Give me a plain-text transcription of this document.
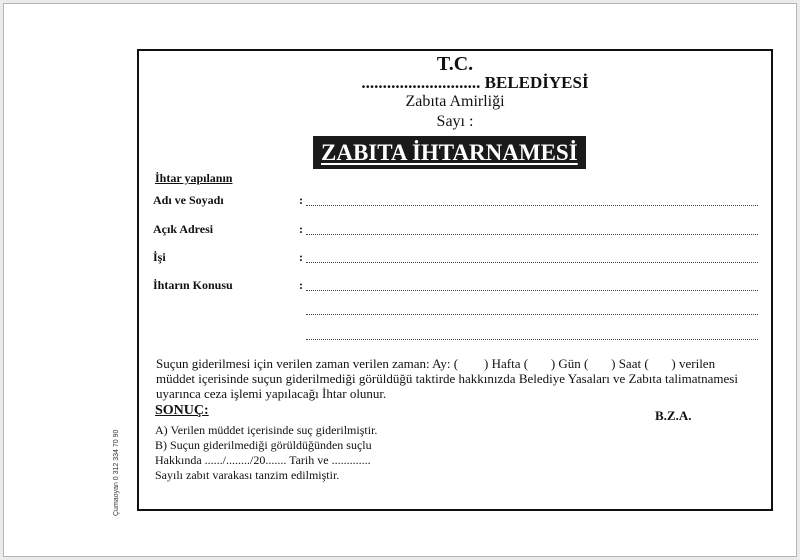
T.C.
............................ BELEDİYESİ
Zabıta Amirliği
Sayı :
ZABITA İHTARNAMESİ
İhtar yapılanın
Adı ve Soyadı	:
Açık Adresi	:
İşi	:
İhtarın Konusu	:
Suçun giderilmesi için verilen zaman verilen zaman: Ay: (        ) Hafta (       ) Gün (       ) Saat (       ) verilen
müddet içerisinde suçun giderilmediği görüldüğü taktirde hakkınızda Belediye Yasaları ve Zabıta talimatnamesi
uyarınca ceza işlemi yapılacağı İhtar olunur.
SONUÇ:	B.Z.A.
A) Verilen müddet içerisinde suç giderilmiştir.
B) Suçun giderilmediği görüldüğünden suçlu
Hakkında ....../......../20....... Tarih ve .............
Sayılı zabıt varakası tanzim edilmiştir.
Çumaoyan 0 312 334 70 90
